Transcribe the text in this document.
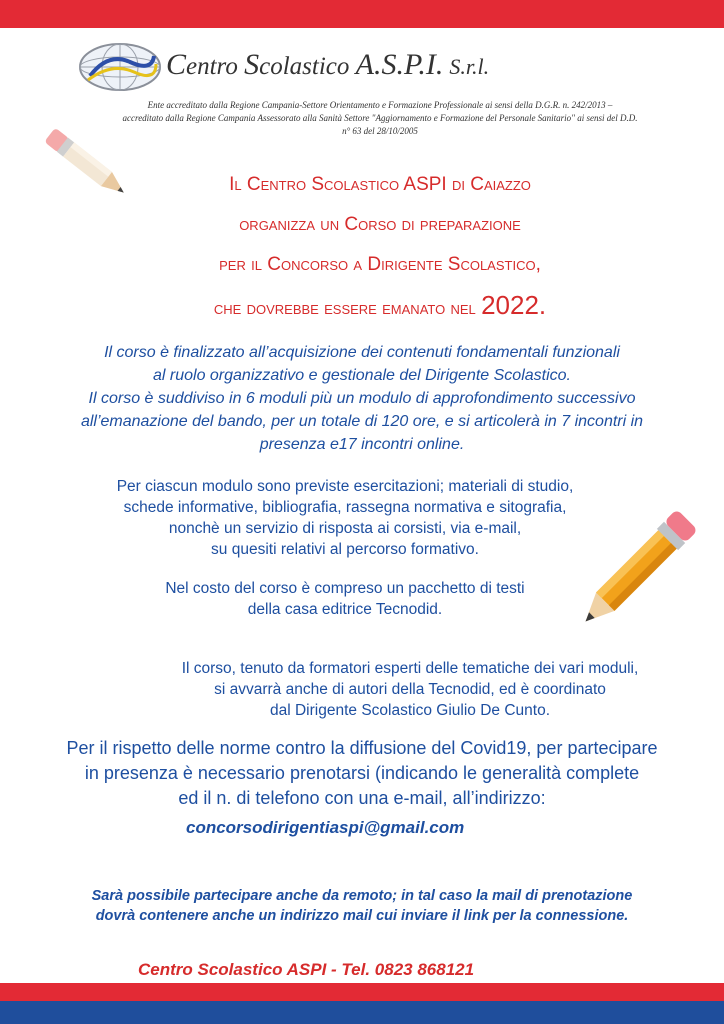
Centro Scolastico A.S.P.I. S.r.l.
Ente accreditato dalla Regione Campania-Settore Orientamento e Formazione Professionale ai sensi della D.G.R. n. 242/2013 –
accreditato dalla Regione Campania Assessorato alla Sanità Settore "Aggiornamento e Formazione del Personale Sanitario" ai sensi del D.D.
n° 63 del 28/10/2005
Il Centro Scolastico ASPI di Caiazzo
organizza un Corso di preparazione
per il Concorso a Dirigente Scolastico,
che dovrebbe essere emanato nel 2022.
Il corso è finalizzato all’acquisizione dei contenuti fondamentali funzionali
al ruolo organizzativo e gestionale del Dirigente Scolastico.
Il corso è suddiviso in 6 moduli più un modulo di approfondimento successivo
all’emanazione del bando, per un totale di 120 ore, e si articolerà in 7 incontri in
presenza e17 incontri online.
Per ciascun modulo sono previste esercitazioni; materiali di studio,
schede informative, bibliografia, rassegna normativa e sitografia,
nonchè un servizio di risposta ai corsisti, via e-mail,
su quesiti relativi al percorso formativo.
Nel costo del corso è compreso un pacchetto di testi
della casa editrice Tecnodid.
Il corso, tenuto da formatori esperti delle tematiche dei vari moduli,
si avvarrà anche di autori della Tecnodid, ed è coordinato
dal Dirigente Scolastico Giulio De Cunto.
Per il rispetto delle norme contro la diffusione del Covid19, per partecipare
in presenza è necessario prenotarsi (indicando le generalità complete
ed il n. di telefono con una e-mail, all’indirizzo:
concorsodirigentiaspi@gmail.com
Sarà possibile partecipare anche da remoto; in tal caso la mail di prenotazione
dovrà contenere anche un indirizzo mail cui inviare il link per la connessione.
Centro Scolastico ASPI - Tel. 0823 868121
